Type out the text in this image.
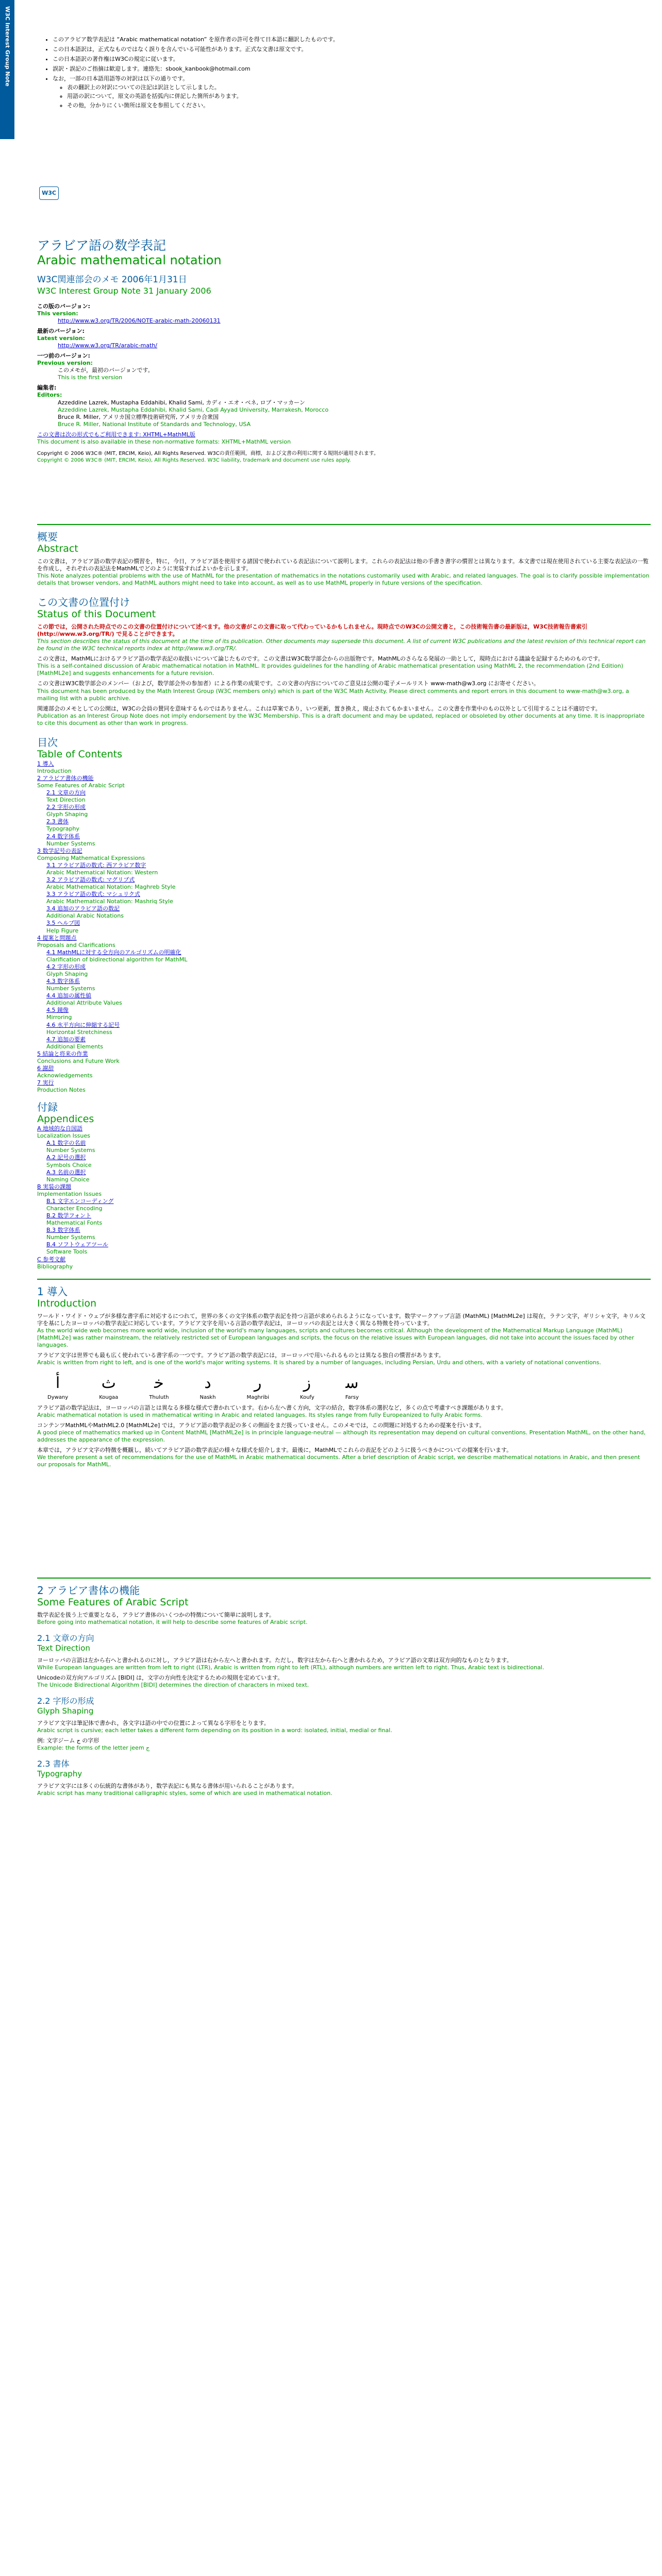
W3C Interest Group Note
•	このアラビア数学表記は “Arabic mathematical notation” を原作者の許可を得て日本語に翻訳したものです。
• この日本語訳は，正式なものではなく誤りを含んでいる可能性があります。正式な文書は原文です。
• この日本語訳の著作権はW3Cの規定に従います。
• 誤訳・誤記のご指摘は歓迎します。連絡先：sbook_kanbook@hotmail.com
• なお，一部の日本語用語等の対訳は以下の通りです。
◦ 表の翻訳上の対訳についての注記は訳註として示しました。
◦ 用語の訳について，原文の英語を括弧内に併記した箇所があります。
◦ その他，分かりにくい箇所は原文を参照してください。
W3C
アラビア語の数学表記
Arabic mathematical notation
W3C関連部会のメモ 2006年1月31日
W3C Interest Group Note 31 January 2006
この版のバージョン:
This version:
http://www.w3.org/TR/2006/NOTE-arabic-math-20060131
最新のバージョン:
Latest version:
http://www.w3.org/TR/arabic-math/
一つ前のバージョン:
Previous version:
このメモが，最初のバージョンです。
This is the first version
編集者:
Editors:
Azzeddine Lazrek, Mustapha Eddahibi, Khalid Sami, カディ・エオ・ベネ, ロブ・マッカーン
Azzeddine Lazrek, Mustapha Eddahibi, Khalid Sami, Cadi Ayyad University, Marrakesh, Morocco
Bruce R. Miller, アメリカ国立標準技術研究所, アメリカ合衆国
Bruce R. Miller, National Institute of Standards and Technology, USA

この文書は次の形式でもご利用できます: XHTML+MathML版

This document is also available in these non-normative formats: XHTML+MathML version

Copyright © 2006 W3C® (MIT, ERCIM, Keio), All Rights Reserved. W3Cの責任範囲，商標，および文書の利用に関する規則が適用されます。
Copyright © 2006 W3C® (MIT, ERCIM, Keio), All Rights Reserved. W3C liability, trademark and document use rules apply.
概要
Abstract

この文書は，アラビア語の数学表記の慣習を，特に，今日，アラビア語を使用する諸国で使われている表記法について説明します。これらの表記法は他の手書き書字の慣習とは異なります。本文書では現在使用されている主要な表記法の一覧を作成し，それぞれの表記法をMathMLでどのように実装すればよいかを示します。

This Note analyzes potential problems with the use of MathML for the presentation of mathematics in the notations customarily used with Arabic, and related languages. The goal is to clarify possible implementation details that browser vendors, and MathML authors might need to take into account, as well as to use MathML properly in future versions of the specification.

この文書の位置付け
Status of this Document

この節では，公開された時点でのこの文書の位置付けについて述べます。他の文書がこの文書に取って代わっているかもしれません。現時点でのW3Cの公開文書と，この技術報告書の最新版は，W3C技術報告書索引 (http://www.w3.org/TR/) で見ることができます。

This section describes the status of this document at the time of its publication. Other documents may supersede this document. A list of current W3C publications and the latest revision of this technical report can be found in the W3C technical reports index at http://www.w3.org/TR/.

この文書は，MathMLにおけるアラビア語の数学表記の取扱いについて論じたものです。この文書はW3C数学部会からの出版物です。MathMLのさらなる発展の一助として，現時点における議論を記録するためのものです。

This is a self-contained discussion of Arabic mathematical notation in MathML. It provides guidelines for the handling of Arabic mathematical presentation using MathML 2, the recommendation (2nd Edition) [MathML2e] and suggests enhancements for a future revision.

この文書はW3C数学部会のメンバー（および，数学部会外の参加者）による作業の成果です。この文書の内容についてのご意見は公開の電子メールリスト www-math@w3.org にお寄せください。

This document has been produced by the Math Interest Group (W3C members only) which is part of the W3C Math Activity. Please direct comments and report errors in this document to www-math@w3.org, a mailing list with a public archive.

関連部会のメモとしての公開は，W3Cの会員の賛同を意味するものではありません。これは草案であり，いつ更新，置き換え，廃止されてもかまいません。この文書を作業中のもの以外として引用することは不適切です。

Publication as an Interest Group Note does not imply endorsement by the W3C Membership. This is a draft document and may be updated, replaced or obsoleted by other documents at any time. It is inappropriate to cite this document as other than work in progress.

目次
Table of Contents
1 導入
Introduction
2 アラビア書体の機能
Some Features of Arabic Script
2.1 文章の方向
Text Direction
2.2 字形の形成
Glyph Shaping
2.3 書体
Typography
2.4 数字体系
Number Systems
3 数学記号の表記
Composing Mathematical Expressions
3.1 アラビア語の数式: 西アラビア数字
Arabic Mathematical Notation: Western
3.2 アラビア語の数式: マグリブ式
Arabic Mathematical Notation: Maghreb Style
3.3 アラビア語の数式: マシュリク式
Arabic Mathematical Notation: Mashriq Style
3.4 追加のアラビア語の数記
Additional Arabic Notations
3.5 ヘルプ図
Help Figure
4 提案と問題点
Proposals and Clarifications
4.1 MathMLに対する全方向のアルゴリズムの明確化
Clarification of bidirectional algorithm for MathML
4.2 字形の形成
Glyph Shaping
4.3 数字体系
Number Systems
4.4 追加の属性値
Additional Attribute Values
4.5 鏡像
Mirroring
4.6 水平方向に伸縮する記号
Horizontal Stretchiness
4.7 追加の要素
Additional Elements
5 結論と将来の作業
Conclusions and Future Work
6 謝辞
Acknowledgements
7 実行
Production Notes
付録
Appendices
A 地域的な自国語
Localization Issues
A.1 数字の名前
Number Systems
A.2 記号の選択
Symbols Choice
A.3 名前の選択
Naming Choice
B 実装の課題
Implementation Issues
B.1 文字エンコーディング
Character Encoding
B.2 数学フォント
Mathematical Fonts
B.3 数字体系
Number Systems
B.4 ソフトウェアツール
Software Tools
C 参考文献
Bibliography
1 導入
Introduction

ワールド・ワイド・ウェブが多様な書字系に対応するにつれて，世界の多くの文字体系の数学表記を持つ言語が求められるようになっています。数学マークアップ言語 (MathML) [MathML2e] は現在，ラテン文字，ギリシャ文字，キリル文字を基にしたヨーロッパの数学表記に対応しています。アラビア文字を用いる言語の数学表記は，ヨーロッパの表記とは大きく異なる特徴を持っています。

As the world wide web becomes more world wide, inclusion of the world's many languages, scripts and cultures becomes critical. Although the development of the Mathematical Markup Language (MathML) [MathML2e] was rather mainstream, the relatively restricted set of European languages and scripts, the focus on the relative issues with European languages, did not take into account the issues faced by other languages.

アラビア文字は世界でも最も広く使われている書字系の一つです。アラビア語の数学表記には，ヨーロッパで用いられるものとは異なる独自の慣習があります。

Arabic is written from right to left, and is one of the world's major writing systems. It is shared by a number of languages, including Persian, Urdu and others, with a variety of notational conventions.

ﺃ
Dywany
ﺙ
Kougaa
ﺧ
Thuluth
ﺩ
Naskh
ﺭ
Maghribi
ﺯ
Koufy
ﺳ
Farsy

アラビア語の数学記法は，ヨーロッパの言語とは異なる多様な様式で書かれています。右から左へ書く方向，文字の結合，数字体系の選択など，多くの点で考慮すべき課題があります。

Arabic mathematical notation is used in mathematical writing in Arabic and related languages. Its styles range from fully Europeanized to fully Arabic forms.

コンテンツMathMLやMathML2.0 [MathML2e] では，アラビア語の数学表記の多くの側面をまだ扱っていません。このメモでは，この問題に対処するための提案を行います。

A good piece of mathematics marked up in Content MathML [MathML2e] is in principle language-neutral — although its representation may depend on cultural conventions. Presentation MathML, on the other hand, addresses the appearance of the expression.

本章では，アラビア文字の特徴を概観し，続いてアラビア語の数学表記の様々な様式を紹介します。最後に，MathMLでこれらの表記をどのように扱うべきかについての提案を行います。

We therefore present a set of recommendations for the use of MathML in Arabic mathematical documents. After a brief description of Arabic script, we describe mathematical notations in Arabic, and then present our proposals for MathML.

2 アラビア書体の機能
Some Features of Arabic Script

数学表記を扱う上で重要となる，アラビア書体のいくつかの特徴について簡単に説明します。

Before going into mathematical notation, it will help to describe some features of Arabic script.

2.1 文章の方向
Text Direction

ヨーロッパの言語は左から右へと書かれるのに対し，アラビア語は右から左へと書かれます。ただし，数字は左から右へと書かれるため，アラビア語の文章は双方向的なものとなります。

While European languages are written from left to right (LTR), Arabic is written from right to left (RTL), although numbers are written left to right. Thus, Arabic text is bidirectional.

Unicodeの双方向アルゴリズム [BIDI] は，文字の方向性を決定するための規則を定めています。

The Unicode Bidirectional Algorithm [BIDI] determines the direction of characters in mixed text.

2.2 字形の形成
Glyph Shaping

アラビア文字は筆記体で書かれ，各文字は語の中での位置によって異なる字形をとります。

Arabic script is cursive; each letter takes a different form depending on its position in a word: isolated, initial, medial or final.

例: 文字ジーム ج の字形

Example: the forms of the letter jeem ج

2.3 書体
Typography

アラビア文字には多くの伝統的な書体があり，数学表記にも異なる書体が用いられることがあります。

Arabic script has many traditional calligraphic styles, some of which are used in mathematical notation.
